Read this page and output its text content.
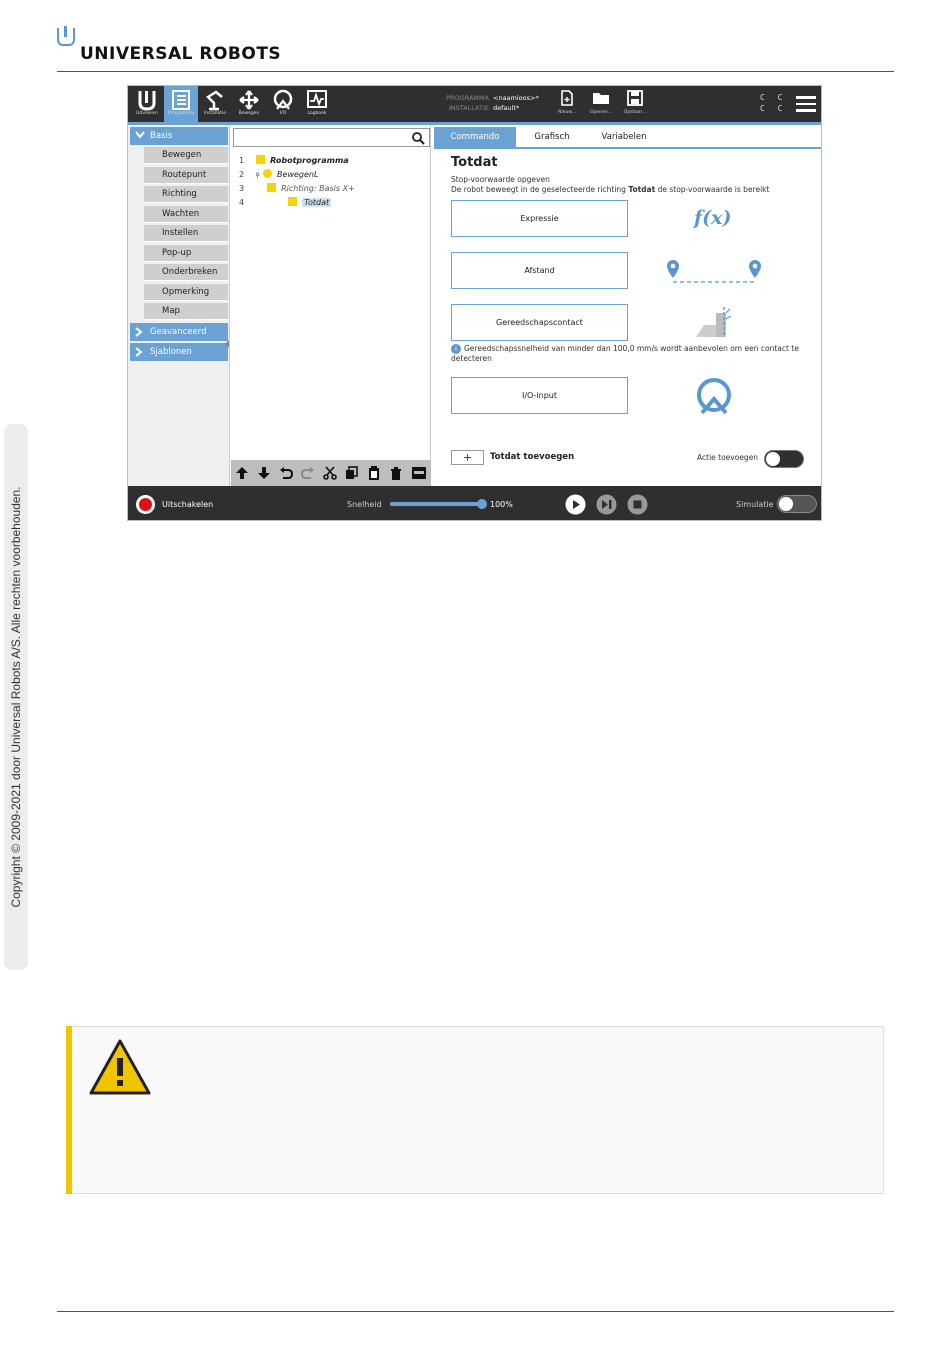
UNIVERSAL ROBOTS
Copyright © 2009-2021 door Universal Robots A/S. Alle rechten voorbehouden.
Uitvoeren	Programma	Installatie	Bewegen	I/O	Logboek
PROGRAMMA <naamloos>*
INSTALLATIE default*
Nieuw...	Openen...	Opslaan...
C C
C C
Basis
Bewegen
Routepunt
Richting
Wachten
Instellen
Pop-up
Onderbreken
Opmerking
Map
Geavanceerd
Sjablonen
1	Robotprogramma
2 ⚲ BewegenL
3	Richting: Basis X+
4	Totdat
Commando	Grafisch	Variabelen
Totdat
Stop-voorwaarde opgeven
De robot beweegt in de geselecteerde richting Totdat de stop-voorwaarde is bereikt
Expressie	f(x)
Afstand
Gereedschapscontact
i Gereedschapssnelheid van minder dan 100,0 mm/s wordt aanbevolen om een contact te detecteren
I/O-input
+	Totdat toevoegen	Actie toevoegen
Uitschakelen	Snelheid	100%	Simulatie
